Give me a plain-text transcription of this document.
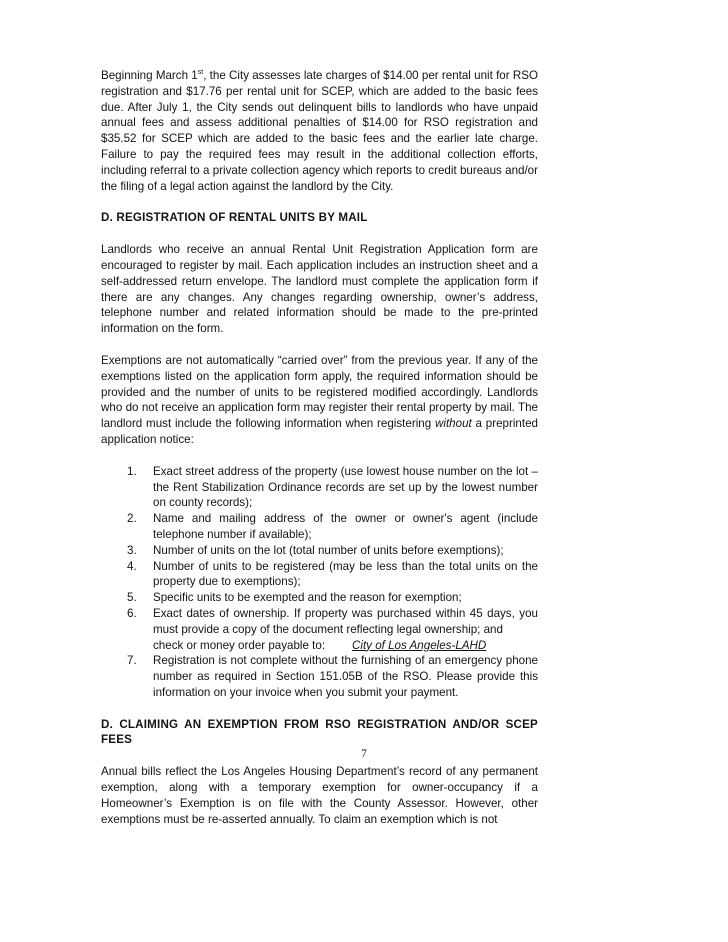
Beginning March 1st, the City assesses late charges of $14.00 per rental unit for RSO registration and $17.76 per rental unit for SCEP, which are added to the basic fees due. After July 1, the City sends out delinquent bills to landlords who have unpaid annual fees and assess additional penalties of $14.00 for RSO registration and $35.52 for SCEP which are added to the basic fees and the earlier late charge. Failure to pay the required fees may result in the additional collection efforts, including referral to a private collection agency which reports to credit bureaus and/or the filing of a legal action against the landlord by the City.

D. REGISTRATION OF RENTAL UNITS BY MAIL

Landlords who receive an annual Rental Unit Registration Application form are encouraged to register by mail. Each application includes an instruction sheet and a self-addressed return envelope. The landlord must complete the application form if there are any changes. Any changes regarding ownership, owner’s address, telephone number and related information should be made to the pre-printed information on the form.

Exemptions are not automatically “carried over” from the previous year. If any of the exemptions listed on the application form apply, the required information should be provided and the number of units to be registered modified accordingly. Landlords who do not receive an application form may register their rental property by mail. The landlord must include the following information when registering without a preprinted application notice:

1. Exact street address of the property (use lowest house number on the lot –the Rent Stabilization Ordinance records are set up by the lowest number on county records);
2. Name and mailing address of the owner or owner's agent (include telephone number if available);
3. Number of units on the lot (total number of units before exemptions);
4. Number of units to be registered (may be less than the total units on the property due to exemptions);
5. Specific units to be exempted and the reason for exemption;
6. Exact dates of ownership. If property was purchased within 45 days, you must provide a copy of the document reflecting legal ownership; and
check or money order payable to: City of Los Angeles-LAHD
7. Registration is not complete without the furnishing of an emergency phone number as required in Section 151.05B of the RSO. Please provide this information on your invoice when you submit your payment.

D. CLAIMING AN EXEMPTION FROM RSO REGISTRATION AND/OR SCEP FEES

Annual bills reflect the Los Angeles Housing Department’s record of any permanent exemption, along with a temporary exemption for owner-occupancy if a Homeowner’s Exemption is on file with the County Assessor. However, other exemptions must be re-asserted annually. To claim an exemption which is not

7
